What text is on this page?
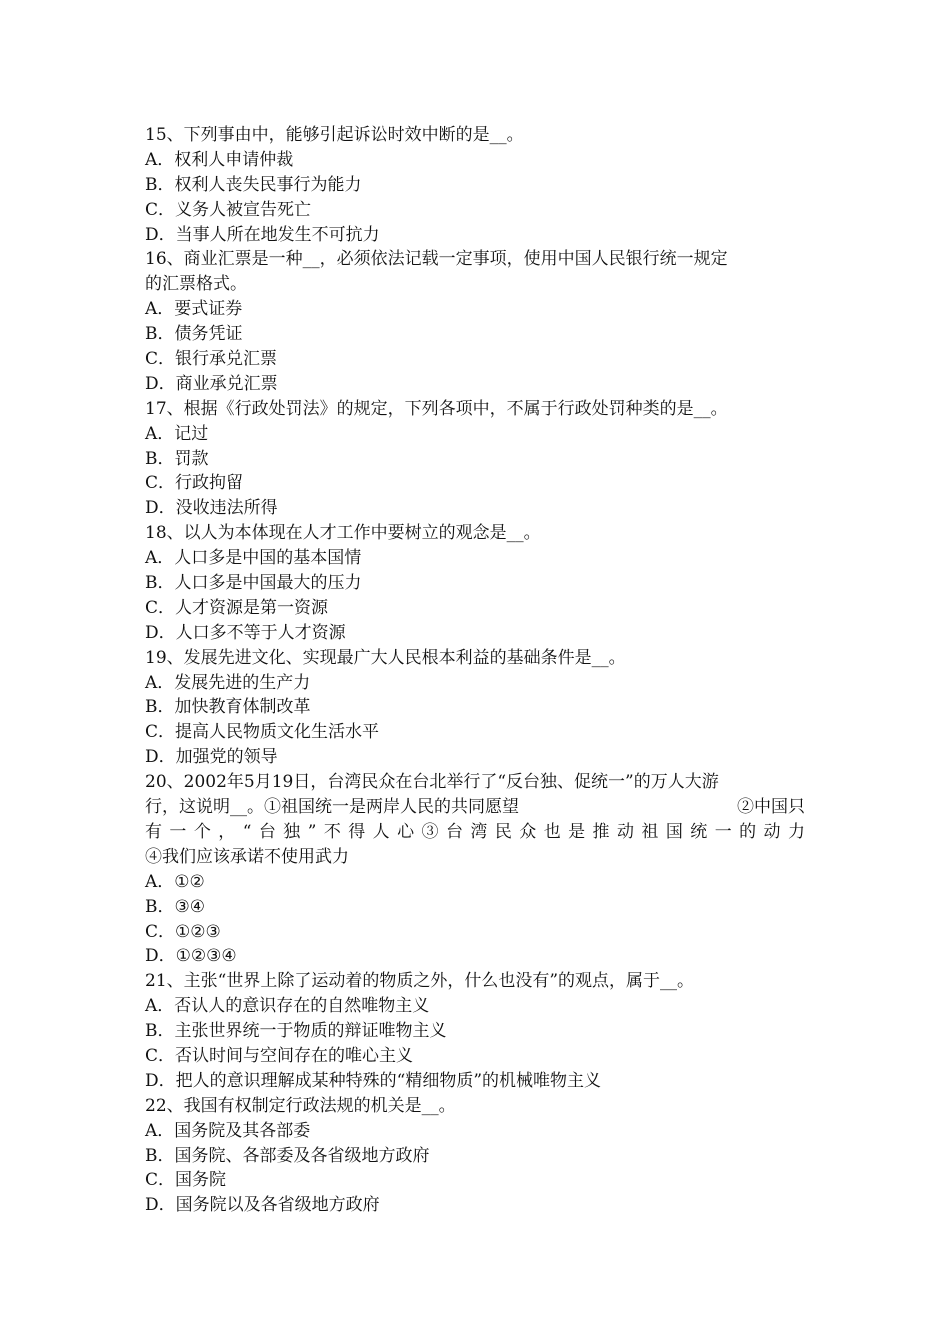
15、下列事由中，能够引起诉讼时效中断的是__。
A．权利人申请仲裁
B．权利人丧失民事行为能力
C．义务人被宣告死亡
D．当事人所在地发生不可抗力
16、商业汇票是一种__，必须依法记载一定事项，使用中国人民银行统一规定
的汇票格式。
A．要式证券
B．债务凭证
C．银行承兑汇票
D．商业承兑汇票
17、根据《行政处罚法》的规定，下列各项中，不属于行政处罚种类的是__。
A．记过
B．罚款
C．行政拘留
D．没收违法所得
18、以人为本体现在人才工作中要树立的观念是__。
A．人口多是中国的基本国情
B．人口多是中国最大的压力
C．人才资源是第一资源
D．人口多不等于人才资源
19、发展先进文化、实现最广大人民根本利益的基础条件是__。
A．发展先进的生产力
B．加快教育体制改革
C．提高人民物质文化生活水平
D．加强党的领导
20、2002年5月19日，台湾民众在台北举行了“反台独、促统一”的万人大游
行，这说明__。①祖国统一是两岸人民的共同愿望	②中国只
有一个，“台独”不得人心③台湾民众也是推动祖国统一的动力
④我们应该承诺不使用武力
A．①②
B．③④
C．①②③
D．①②③④
21、主张“世界上除了运动着的物质之外，什么也没有”的观点，属于__。
A．否认人的意识存在的自然唯物主义
B．主张世界统一于物质的辩证唯物主义
C．否认时间与空间存在的唯心主义
D．把人的意识理解成某种特殊的“精细物质”的机械唯物主义
22、我国有权制定行政法规的机关是__。
A．国务院及其各部委
B．国务院、各部委及各省级地方政府
C．国务院
D．国务院以及各省级地方政府
